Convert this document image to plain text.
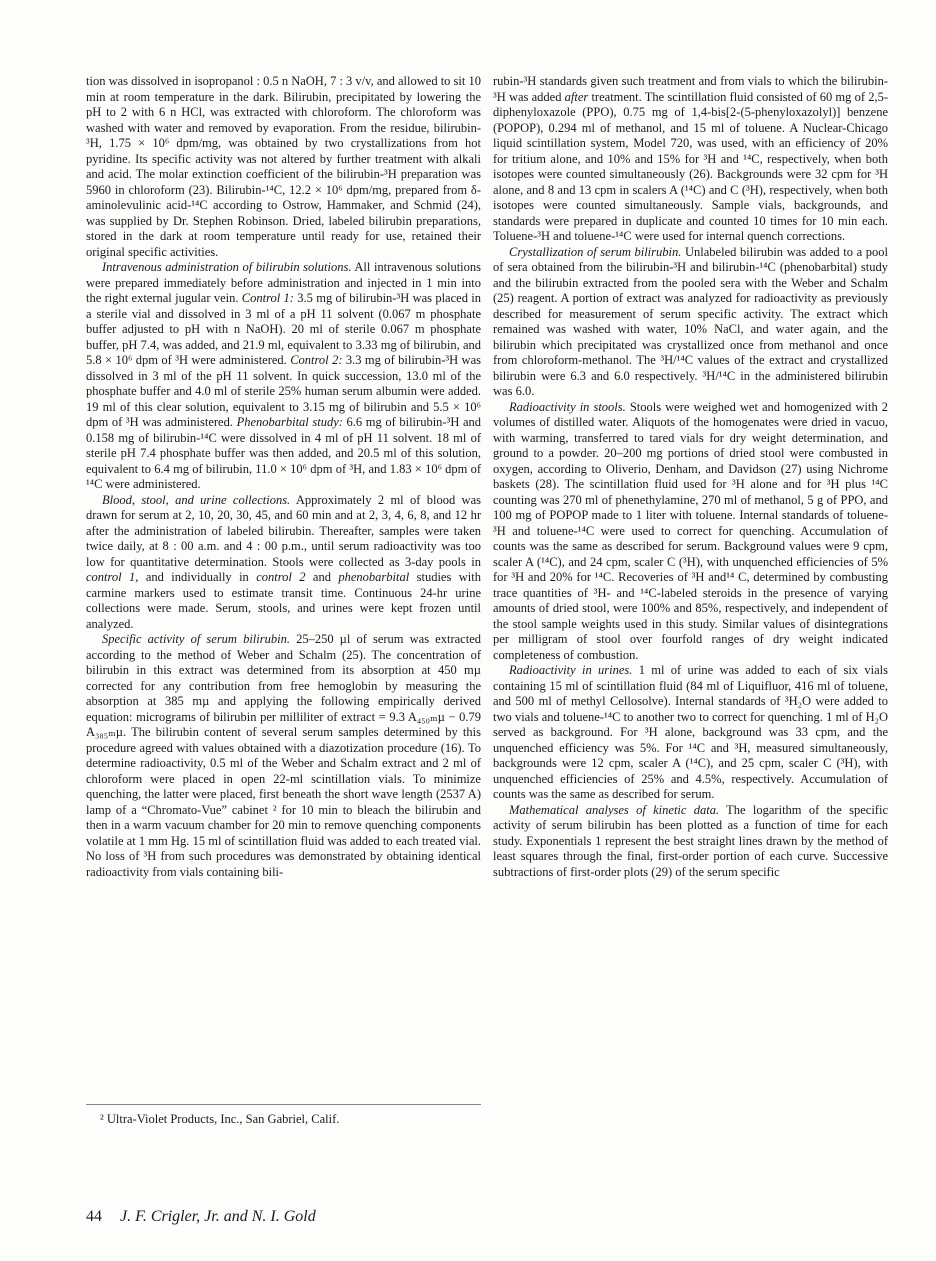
tion was dissolved in isopropanol : 0.5 n NaOH, 7 : 3 v/v, and allowed to sit 10 min at room temperature in the dark. Bilirubin, precipitated by lowering the pH to 2 with 6 n HCl, was extracted with chloroform. The chloroform was washed with water and removed by evaporation. From the residue, bilirubin-³H, 1.75 × 10⁶ dpm/mg, was obtained by two crystallizations from hot pyridine. Its specific activity was not altered by further treatment with alkali and acid. The molar extinction coefficient of the bilirubin-³H preparation was 5960 in chloroform (23). Bilirubin-¹⁴C, 12.2 × 10⁶ dpm/mg, prepared from δ-aminolevulinic acid-¹⁴C according to Ostrow, Hammaker, and Schmid (24), was supplied by Dr. Stephen Robinson. Dried, labeled bilirubin preparations, stored in the dark at room temperature until ready for use, retained their original specific activities.

Intravenous administration of bilirubin solutions. All intravenous solutions were prepared immediately before administration and injected in 1 min into the right external jugular vein. Control 1: 3.5 mg of bilirubin-³H was placed in a sterile vial and dissolved in 3 ml of a pH 11 solvent (0.067 m phosphate buffer adjusted to pH with n NaOH). 20 ml of sterile 0.067 m phosphate buffer, pH 7.4, was added, and 21.9 ml, equivalent to 3.33 mg of bilirubin, and 5.8 × 10⁶ dpm of ³H were administered. Control 2: 3.3 mg of bilirubin-³H was dissolved in 3 ml of the pH 11 solvent. In quick succession, 13.0 ml of the phosphate buffer and 4.0 ml of sterile 25% human serum albumin were added. 19 ml of this clear solution, equivalent to 3.15 mg of bilirubin and 5.5 × 10⁶ dpm of ³H was administered. Phenobarbital study: 6.6 mg of bilirubin-³H and 0.158 mg of bilirubin-¹⁴C were dissolved in 4 ml of pH 11 solvent. 18 ml of sterile pH 7.4 phosphate buffer was then added, and 20.5 ml of this solution, equivalent to 6.4 mg of bilirubin, 11.0 × 10⁶ dpm of ³H, and 1.83 × 10⁶ dpm of ¹⁴C were administered.

Blood, stool, and urine collections. Approximately 2 ml of blood was drawn for serum at 2, 10, 20, 30, 45, and 60 min and at 2, 3, 4, 6, 8, and 12 hr after the administration of labeled bilirubin. Thereafter, samples were taken twice daily, at 8 : 00 a.m. and 4 : 00 p.m., until serum radioactivity was too low for quantitative determination. Stools were collected as 3-day pools in control 1, and individually in control 2 and phenobarbital studies with carmine markers used to estimate transit time. Continuous 24-hr urine collections were made. Serum, stools, and urines were kept frozen until analyzed.

Specific activity of serum bilirubin. 25–250 µl of serum was extracted according to the method of Weber and Schalm (25). The concentration of bilirubin in this extract was determined from its absorption at 450 mµ corrected for any contribution from free hemoglobin by measuring the absorption at 385 mµ and applying the following empirically derived equation: micrograms of bilirubin per milliliter of extract = 9.3 A₄₅₀ₘµ − 0.79 A₃₈₅ₘµ. The bilirubin content of several serum samples determined by this procedure agreed with values obtained with a diazotization procedure (16). To determine radioactivity, 0.5 ml of the Weber and Schalm extract and 2 ml of chloroform were placed in open 22-ml scintillation vials. To minimize quenching, the latter were placed, first beneath the short wave length (2537 A) lamp of a “Chromato-Vue” cabinet ² for 10 min to bleach the bilirubin and then in a warm vacuum chamber for 20 min to remove quenching components volatile at 1 mm Hg. 15 ml of scintillation fluid was added to each treated vial. No loss of ³H from such procedures was demonstrated by obtaining identical radioactivity from vials containing bili-

rubin-³H standards given such treatment and from vials to which the bilirubin-³H was added after treatment. The scintillation fluid consisted of 60 mg of 2,5-diphenyloxazole (PPO), 0.75 mg of 1,4-bis[2-(5-phenyloxazolyl)] benzene (POPOP), 0.294 ml of methanol, and 15 ml of toluene. A Nuclear-Chicago liquid scintillation system, Model 720, was used, with an efficiency of 20% for tritium alone, and 10% and 15% for ³H and ¹⁴C, respectively, when both isotopes were counted simultaneously (26). Backgrounds were 32 cpm for ³H alone, and 8 and 13 cpm in scalers A (¹⁴C) and C (³H), respectively, when both isotopes were counted simultaneously. Sample vials, backgrounds, and standards were prepared in duplicate and counted 10 times for 10 min each. Toluene-³H and toluene-¹⁴C were used for internal quench corrections.

Crystallization of serum bilirubin. Unlabeled bilirubin was added to a pool of sera obtained from the bilirubin-³H and bilirubin-¹⁴C (phenobarbital) study and the bilirubin extracted from the pooled sera with the Weber and Schalm (25) reagent. A portion of extract was analyzed for radioactivity as previously described for measurement of serum specific activity. The extract which remained was washed with water, 10% NaCl, and water again, and the bilirubin which precipitated was crystallized once from methanol and once from chloroform-methanol. The ³H/¹⁴C values of the extract and crystallized bilirubin were 6.3 and 6.0 respectively. ³H/¹⁴C in the administered bilirubin was 6.0.

Radioactivity in stools. Stools were weighed wet and homogenized with 2 volumes of distilled water. Aliquots of the homogenates were dried in vacuo, with warming, transferred to tared vials for dry weight determination, and ground to a powder. 20–200 mg portions of dried stool were combusted in oxygen, according to Oliverio, Denham, and Davidson (27) using Nichrome baskets (28). The scintillation fluid used for ³H alone and for ³H plus ¹⁴C counting was 270 ml of phenethylamine, 270 ml of methanol, 5 g of PPO, and 100 mg of POPOP made to 1 liter with toluene. Internal standards of toluene-³H and toluene-¹⁴C were used to correct for quenching. Accumulation of counts was the same as described for serum. Background values were 9 cpm, scaler A (¹⁴C), and 24 cpm, scaler C (³H), with unquenched efficiencies of 5% for ³H and 20% for ¹⁴C. Recoveries of ³H and¹⁴ C, determined by combusting trace quantities of ³H- and ¹⁴C-labeled steroids in the presence of varying amounts of dried stool, were 100% and 85%, respectively, and independent of the stool sample weights used in this study. Similar values of disintegrations per milligram of stool over fourfold ranges of dry weight indicated completeness of combustion.

Radioactivity in urines. 1 ml of urine was added to each of six vials containing 15 ml of scintillation fluid (84 ml of Liquifluor, 416 ml of toluene, and 500 ml of methyl Cellosolve). Internal standards of ³H₂O were added to two vials and toluene-¹⁴C to another two to correct for quenching. 1 ml of H₂O served as background. For ³H alone, background was 33 cpm, and the unquenched efficiency was 5%. For ¹⁴C and ³H, measured simultaneously, backgrounds were 12 cpm, scaler A (¹⁴C), and 25 cpm, scaler C (³H), with unquenched efficiencies of 25% and 4.5%, respectively. Accumulation of counts was the same as described for serum.

Mathematical analyses of kinetic data. The logarithm of the specific activity of serum bilirubin has been plotted as a function of time for each study. Exponentials 1 represent the best straight lines drawn by the method of least squares through the final, first-order portion of each curve. Successive subtractions of first-order plots (29) of the serum specific

² Ultra-Violet Products, Inc., San Gabriel, Calif.
44 J. F. Crigler, Jr. and N. I. Gold
